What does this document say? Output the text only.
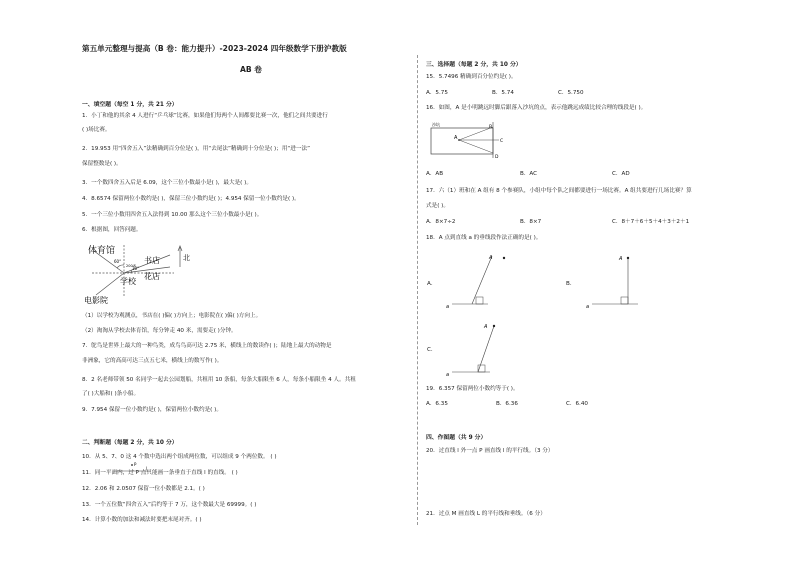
第五单元整理与提高（B 卷：能力提升）-2023-2024 四年级数学下册沪教版
AB 卷
一、填空题（每空 1 分，共 21 分）
1．小丁和他的其余 4 人进行“乒乓球”比赛，如果他们每两个人间都要比赛一次，他们之间共要进行
( )场比赛。
2．19.953 用“四舍五入”法精确到百分位是( )，用“去尾法”精确到十分位是( )；用“进一法”
保留整数是( )。
3．一个数四舍五入后是 6.09，这个三位小数最小是( )，最大是( )。
4．8.6574 保留两位小数约是( )，保留三位小数约是( )；4.954 保留一位小数约是( )。
5．一个三位小数用四舍五入法得到 10.00 那么这个三位小数最小是( )。
6．根据图，回答问题。
体育馆
书店
花店
学校
电影院
北
60°
30°
200米
（1）以学校为观测点，书店在( )偏( )方向上；电影院在( )偏( )方向上。
（2）淘淘从学校去体育馆，每分钟走 40 米，需要走( )分钟。
7．鸵鸟是世界上最大的一种鸟类，成鸟鸟高可达 2.75 米，横线上的数读作( )；陆地上最大的动物是
非洲象，它的高高可达三点五七米，横线上的数写作( )。
8．2 名老师带领 50 名同学一起去公园划船，共租用 10 条船，每条大船限坐 6 人，每条小船限坐 4 人。共租
了( )大船和( )条小船。
9．7.954 保留一位小数约是( )，保留两位小数约是( )。
二、判断题（每题 2 分，共 10 分）
10．从 5、7、0 这 4 个数中选出两个组成两位数，可以组成 9 个两位数。 ( )
11．同一平面内，过 P 点只能画一条垂直于直线 l 的直线。 ( )
P
l
12．2.06 和 2.0507 保留一位小数都是 2.1。( )
13．一个五位数“四舍五入”后约等于 7 万，这个数最大是 69999。( )
14．计算小数的加法和减法时要把末尾对齐。( )
三、选择题（每题 2 分，共 10 分）
15．5.7496 精确到百分位约是( )。
A．5.75	B．5.74	C．5.750
16．如图，A 是小明跳远时脚后跟落入沙坑的点，表示他跳远成绩比较合理的线段是( )。
沙坑
A
B
C
D
A．AB	B．AC	C．AD
17．六（1）班和在 A 组有 8 个参赛队，小组中每个队之间都要进行一场比赛。A 组共要进行几场比赛？算
式是( )。
A．8×7÷2	B．8×7	C．8＋7＋6＋5＋4＋3＋2＋1
18．A 点到直线 a 的垂线段作法正确的是( )。
A．
A
a
B．
A
a
C．
A
a
19．6.357 保留两位小数约等于( )。
A．6.35	B．6.36	C．6.40
四、作图题（共 9 分）
20．过直线 l 外一点 P 画直线 l 的平行线。（3 分）
21．过点 M 画直线 L 的平行线和垂线。（6 分）
